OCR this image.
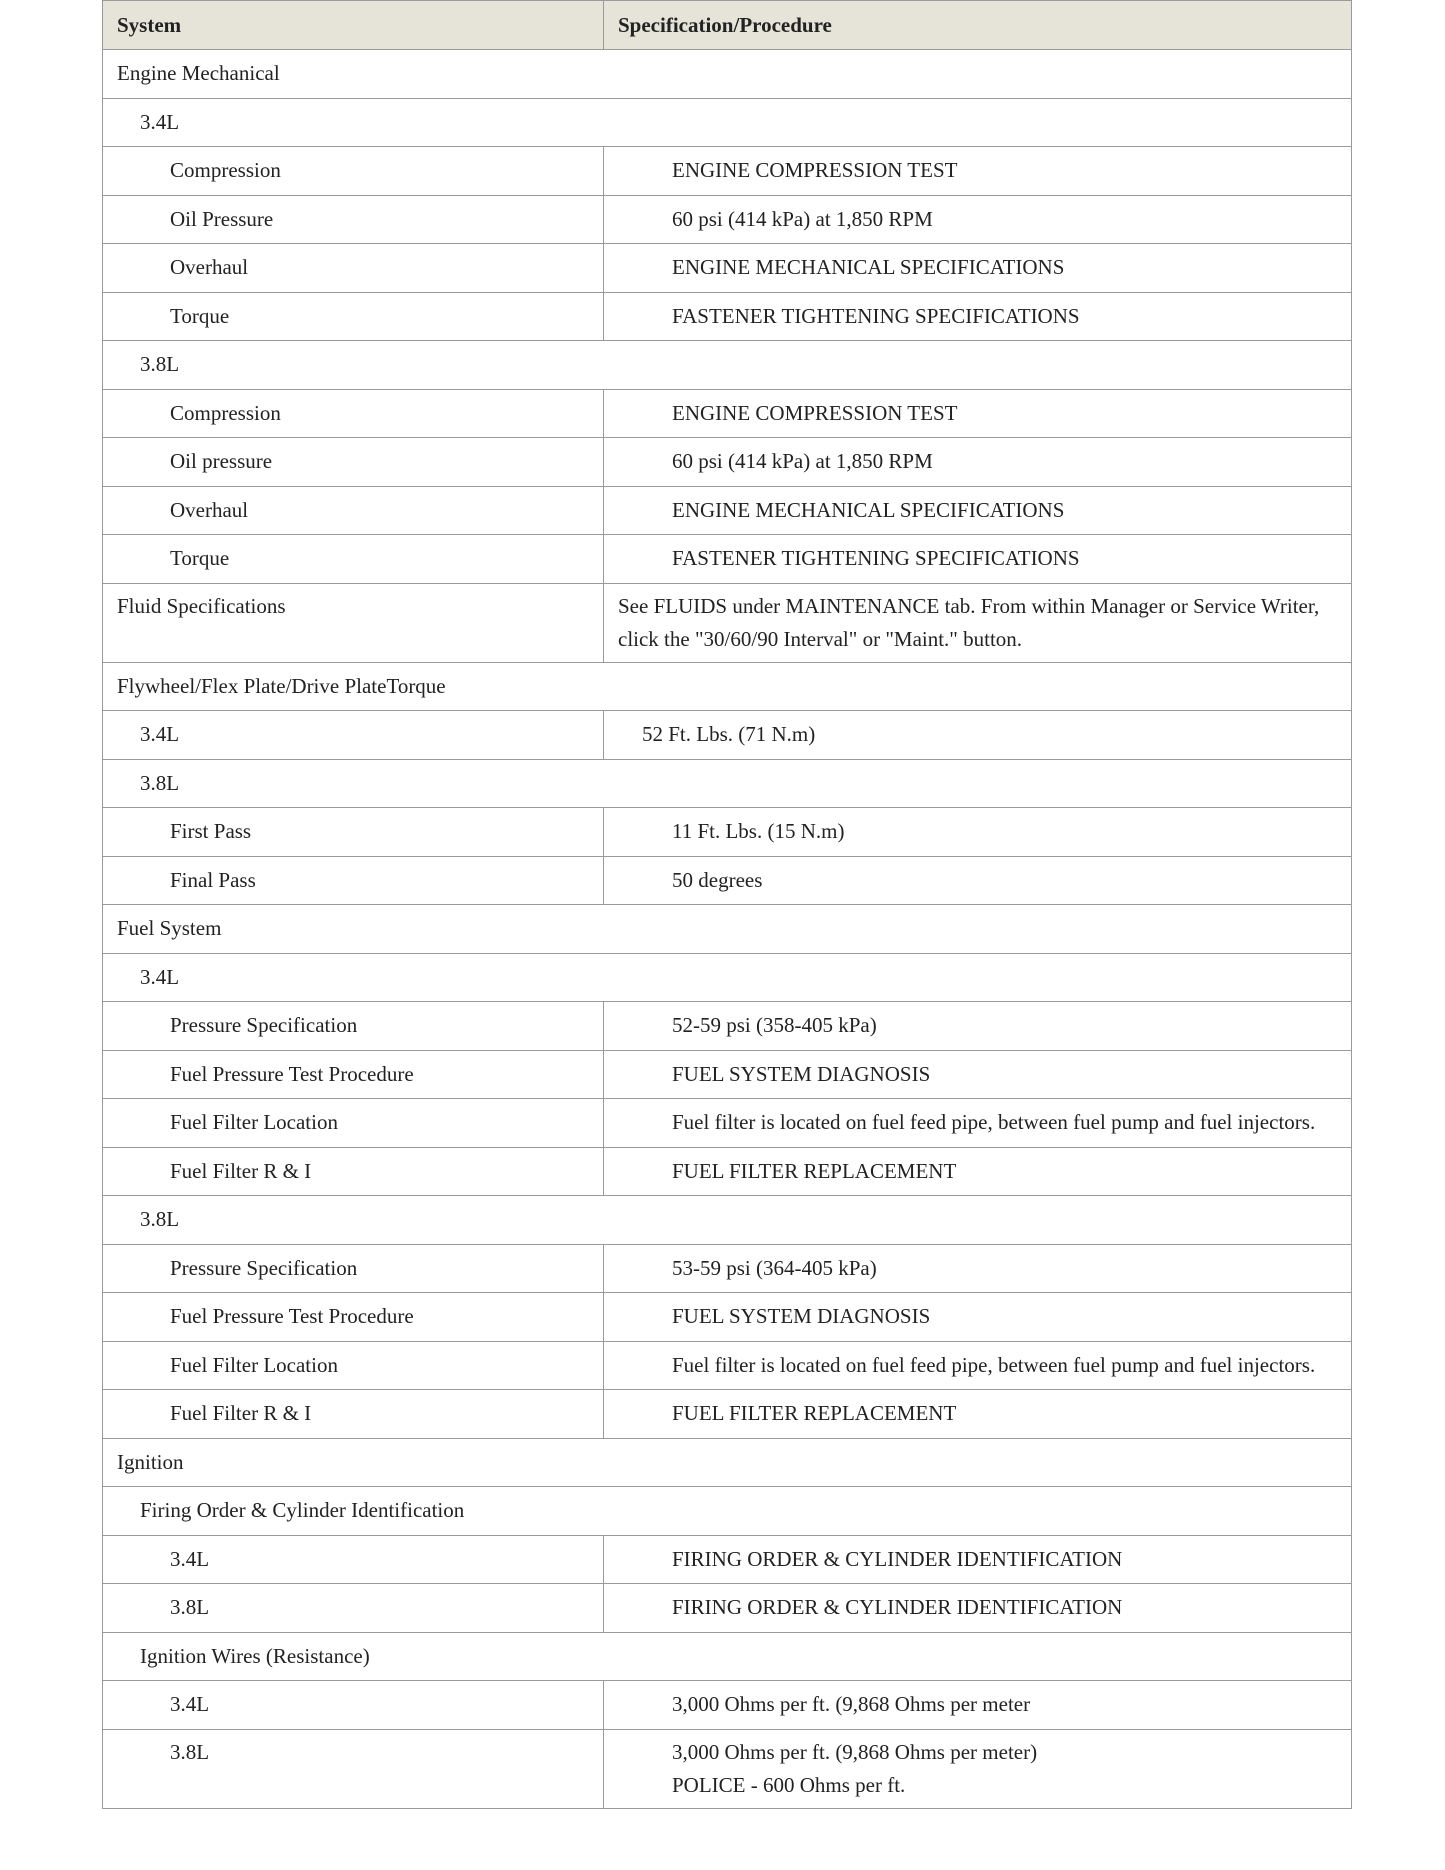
System	Specification/Procedure
Engine Mechanical	
3.4L	
Compression	ENGINE COMPRESSION TEST
Oil Pressure	60 psi (414 kPa) at 1,850 RPM
Overhaul	ENGINE MECHANICAL SPECIFICATIONS
Torque	FASTENER TIGHTENING SPECIFICATIONS
3.8L	
Compression	ENGINE COMPRESSION TEST
Oil pressure	60 psi (414 kPa) at 1,850 RPM
Overhaul	ENGINE MECHANICAL SPECIFICATIONS
Torque	FASTENER TIGHTENING SPECIFICATIONS
Fluid Specifications	See FLUIDS under MAINTENANCE tab. From within Manager or Service Writer,
click the "30/60/90 Interval" or "Maint." button.

Flywheel/Flex Plate/Drive PlateTorque	
3.4L	52 Ft. Lbs. (71 N.m)
3.8L	
First Pass	11 Ft. Lbs. (15 N.m)
Final Pass	50 degrees
Fuel System	
3.4L	
Pressure Specification	52-59 psi (358-405 kPa)
Fuel Pressure Test Procedure	FUEL SYSTEM DIAGNOSIS
Fuel Filter Location	Fuel filter is located on fuel feed pipe, between fuel pump and fuel injectors.
Fuel Filter R & I	FUEL FILTER REPLACEMENT
3.8L	
Pressure Specification	53-59 psi (364-405 kPa)
Fuel Pressure Test Procedure	FUEL SYSTEM DIAGNOSIS
Fuel Filter Location	Fuel filter is located on fuel feed pipe, between fuel pump and fuel injectors.
Fuel Filter R & I	FUEL FILTER REPLACEMENT
Ignition	
Firing Order & Cylinder Identification	
3.4L	FIRING ORDER & CYLINDER IDENTIFICATION
3.8L	FIRING ORDER & CYLINDER IDENTIFICATION
Ignition Wires (Resistance)	
3.4L	3,000 Ohms per ft. (9,868 Ohms per meter
3.8L	3,000 Ohms per ft. (9,868 Ohms per meter)
POLICE - 600 Ohms per ft.
